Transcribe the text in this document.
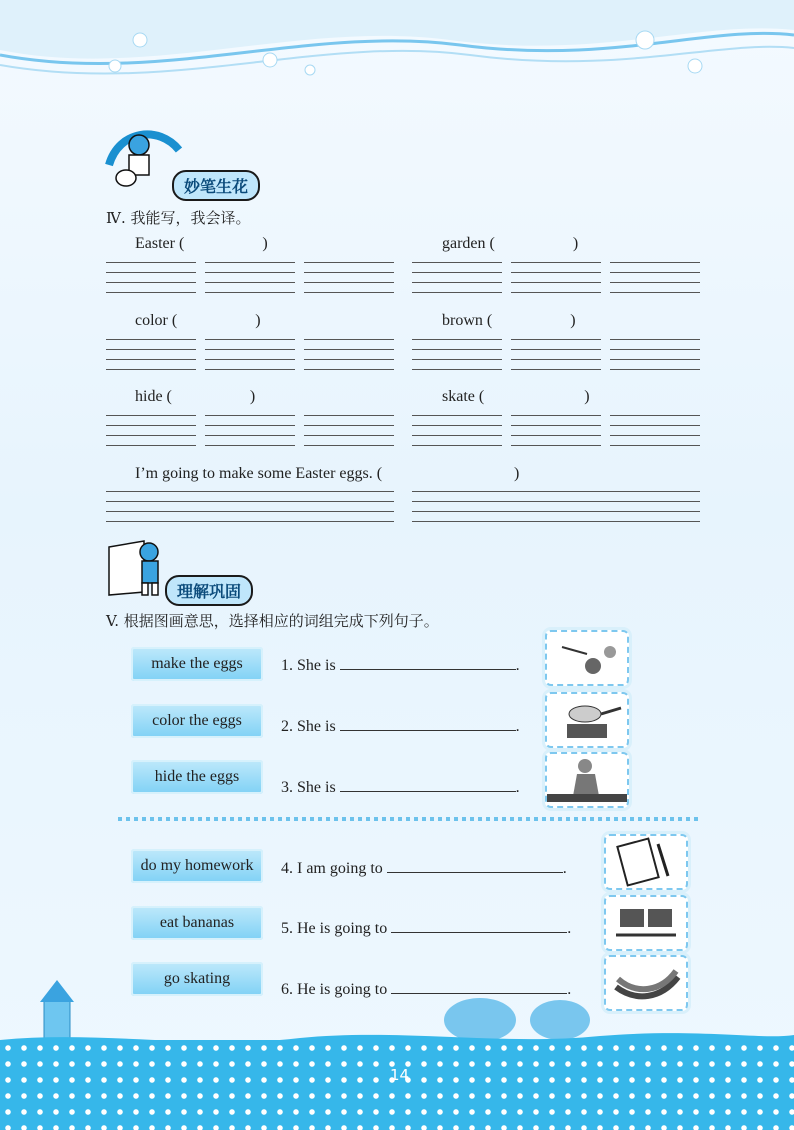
妙笔生花
Ⅳ. 我能写，我会译。
Easter (	)	garden (	)
color (	)	brown (	)
hide (	)	skate (	)
I’m going to make some Easter eggs. (	)
理解巩固
V. 根据图画意思，选择相应的词组完成下列句子。
make the eggs
color the eggs
hide the eggs
1. She is	.
2. She is	.
3. She is	.
do my homework
eat bananas
go skating
4. I am going to	.
5. He is going to	.
6. He is going to	.
14
